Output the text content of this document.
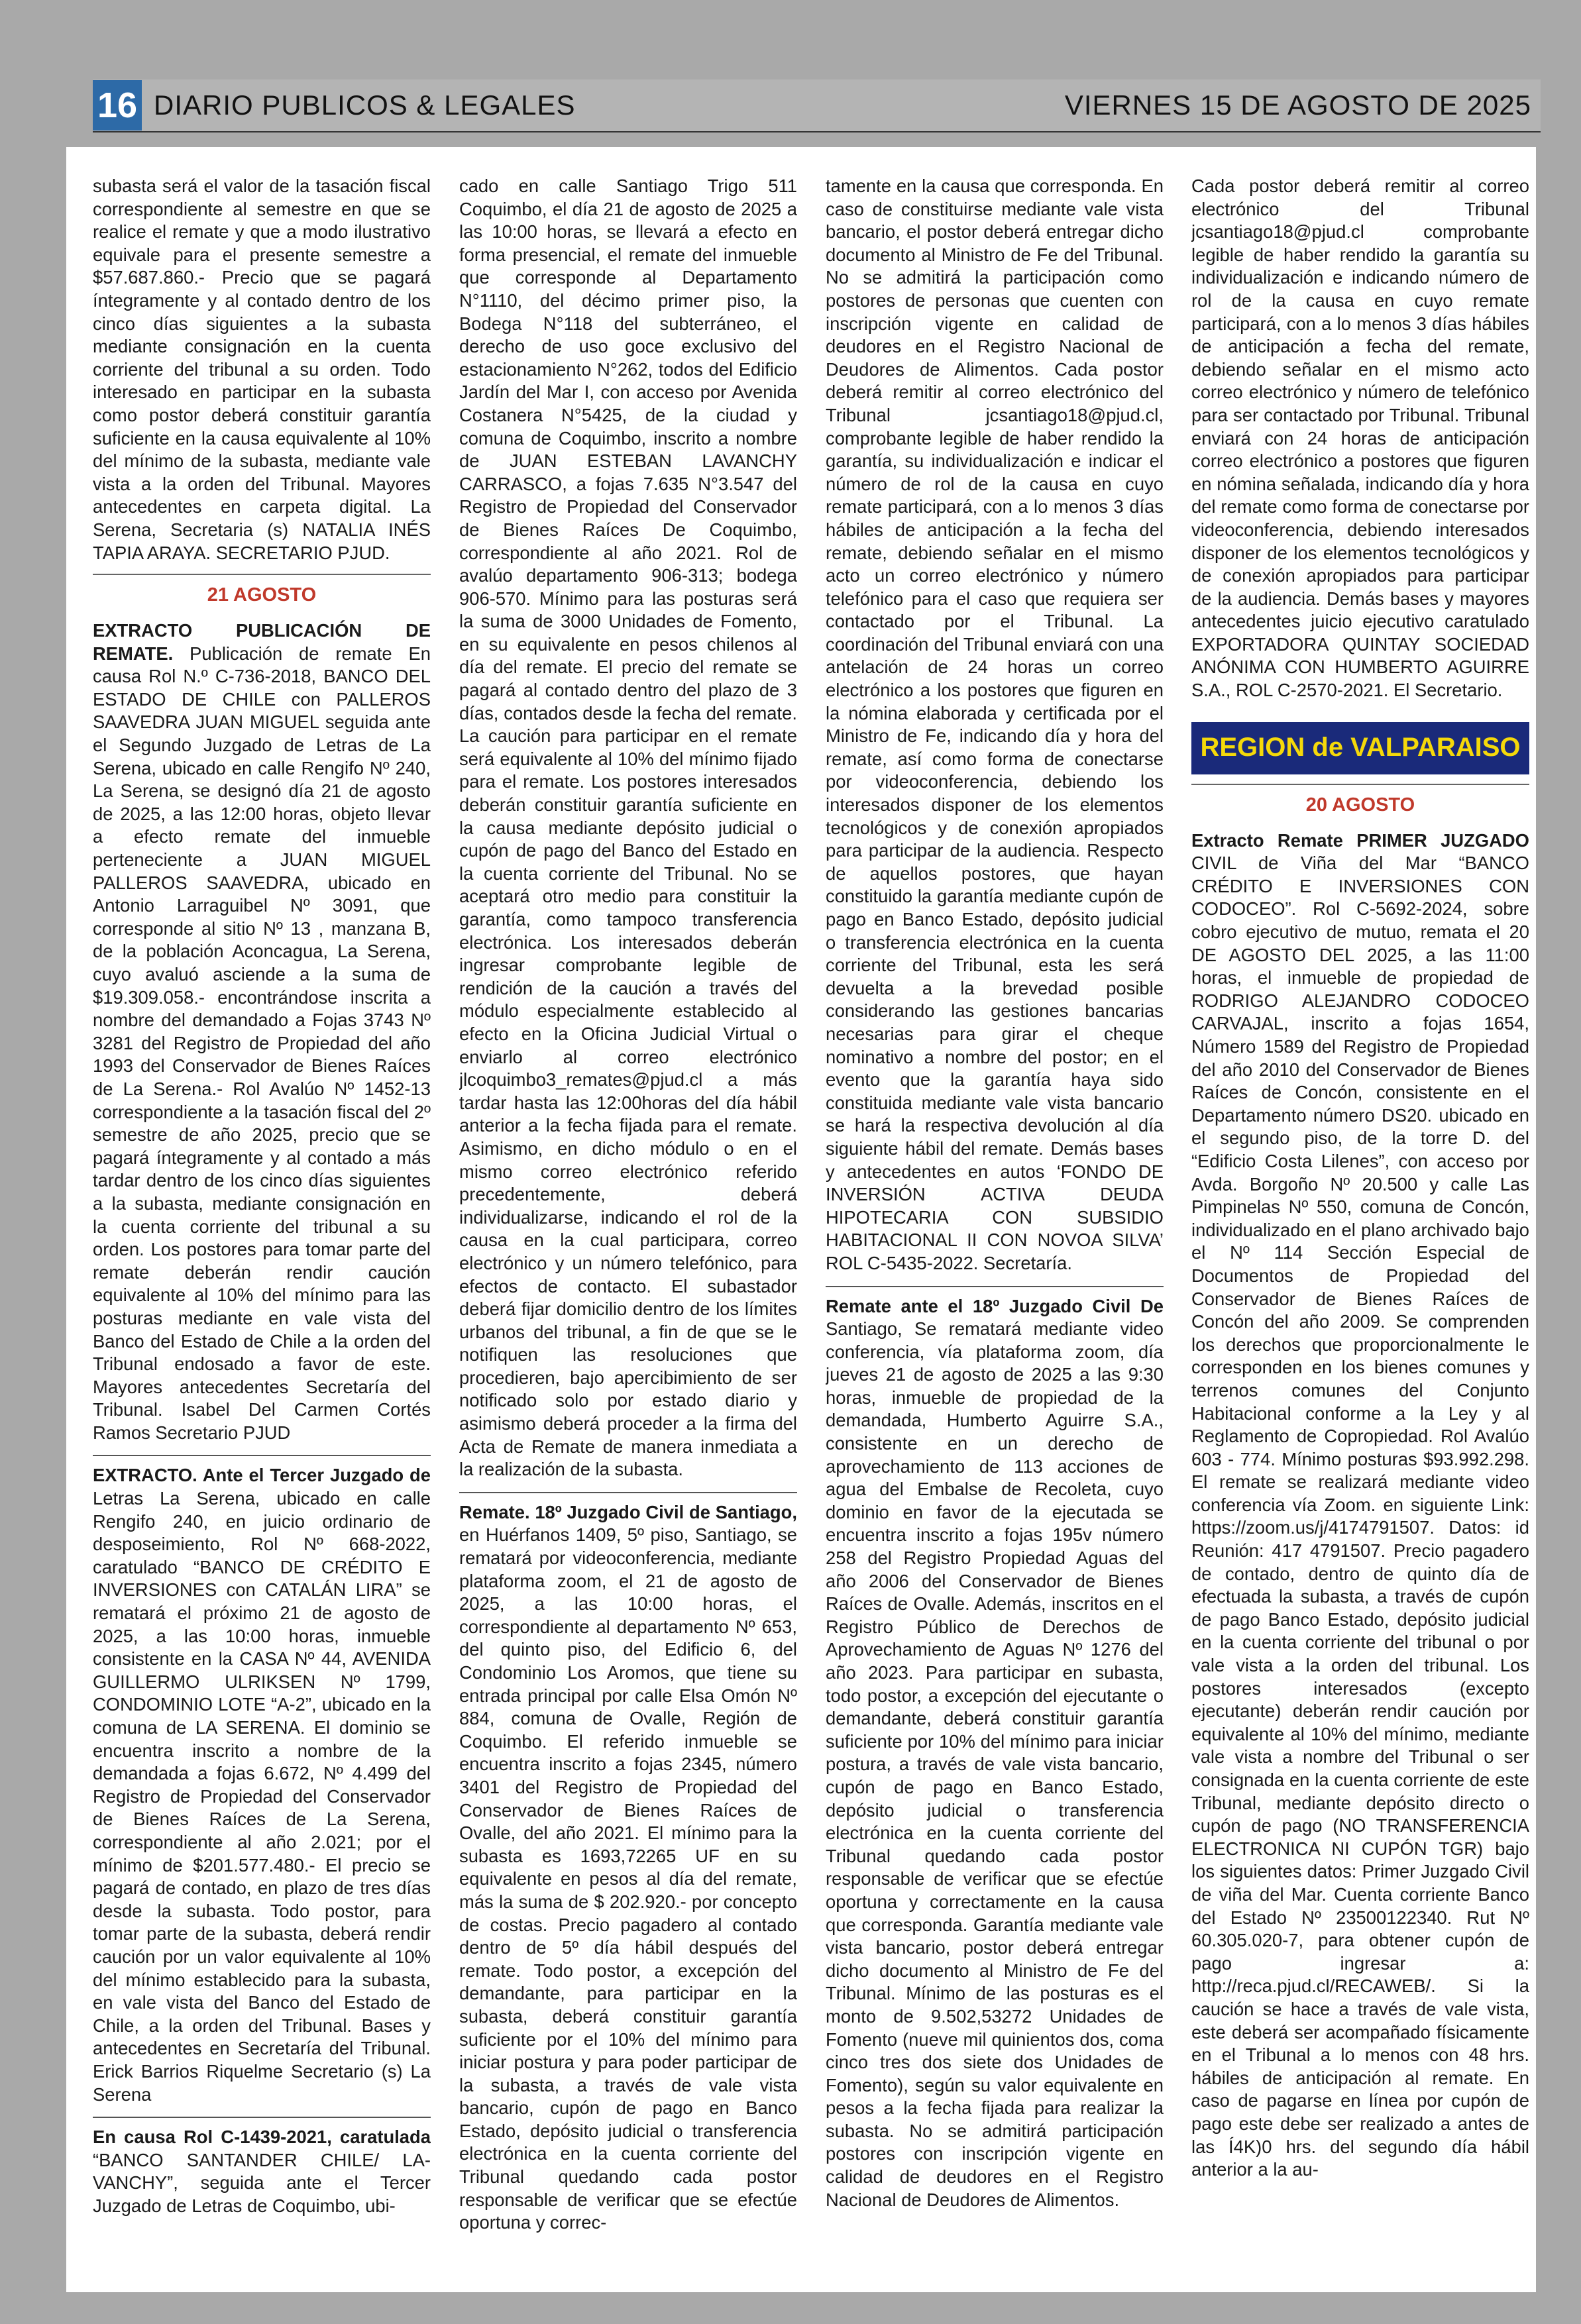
16 DIARIO PUBLICOS & LEGALES	VIERNES 15 DE AGOSTO DE 2025

subasta será el valor de la tasación fiscal correspondiente al semestre en que se realice el remate y que a modo ilustrativo equivale para el presente semestre a $57.687.860.- Precio que se pagará íntegramente y al contado dentro de los cinco días siguientes a la subasta mediante consignación en la cuenta corriente del tribunal a su orden. Todo interesado en participar en la subasta como postor deberá constituir garantía suficiente en la causa equivalente al 10% del mínimo de la subasta, mediante vale vista a la orden del Tribunal. Mayores antecedentes en carpeta digital. La Serena, Secretaria (s) NATALIA INÉS TAPIA ARAYA. SECRETARIO PJUD.

21 AGOSTO

EXTRACTO PUBLICACIÓN DE REMATE. Publicación de remate En causa Rol N.º C-736-2018, BANCO DEL ESTADO DE CHILE con PALLEROS SAAVEDRA JUAN MIGUEL seguida ante el Segundo Juzgado de Letras de La Serena, ubicado en calle Rengifo Nº 240, La Serena, se designó día 21 de agosto de 2025, a las 12:00 horas, objeto llevar a efecto remate del inmueble perteneciente a JUAN MIGUEL PALLEROS SAAVEDRA, ubicado en Antonio Larraguibel Nº 3091, que corresponde al sitio Nº 13 , manzana B, de la población Aconcagua, La Serena, cuyo avaluó asciende a la suma de $19.309.058.- encontrándose inscrita a nombre del demandado a Fojas 3743 Nº 3281 del Registro de Propiedad del año 1993 del Conservador de Bienes Raíces de La Serena.- Rol Avalúo Nº 1452-13 correspondiente a la tasación fiscal del 2º semestre de año 2025, precio que se pagará íntegramente y al contado a más tardar dentro de los cinco días siguientes a la subasta, mediante consignación en la cuenta corriente del tribunal a su orden. Los postores para tomar parte del remate deberán rendir caución equivalente al 10% del mínimo para las posturas mediante en vale vista del Banco del Estado de Chile a la orden del Tribunal endosado a favor de este. Mayores antecedentes Secretaría del Tribunal. Isabel Del Carmen Cortés Ramos Secretario PJUD

EXTRACTO. Ante el Tercer Juzgado de Letras La Serena, ubicado en calle Rengifo 240, en juicio ordinario de desposeimiento, Rol Nº 668-2022, caratulado “BANCO DE CRÉDITO E INVERSIONES con CATALÁN LIRA” se rematará el próximo 21 de agosto de 2025, a las 10:00 horas, inmueble consistente en la CASA Nº 44, AVENIDA GUILLERMO ULRIKSEN Nº 1799, CONDOMINIO LOTE “A-2”, ubicado en la comuna de LA SERENA. El dominio se encuentra inscrito a nombre de la demandada a fojas 6.672, Nº 4.499 del Registro de Propiedad del Conservador de Bienes Raíces de La Serena, correspondiente al año 2.021; por el mínimo de $201.577.480.- El precio se pagará de contado, en plazo de tres días desde la subasta. Todo postor, para tomar parte de la subasta, deberá rendir caución por un valor equivalente al 10% del mínimo establecido para la subasta, en vale vista del Banco del Estado de Chile, a la orden del Tribunal. Bases y antecedentes en Secretaría del Tribunal. Erick Barrios Riquelme Secretario (s) La Serena

En causa Rol C-1439-2021, caratulada “BANCO SANTANDER CHILE/ LA-VANCHY”, seguida ante el Tercer Juzgado de Letras de Coquimbo, ubi-

cado en calle Santiago Trigo 511 Coquimbo, el día 21 de agosto de 2025 a las 10:00 horas, se llevará a efecto en forma presencial, el remate del inmueble que corresponde al Departamento N°1110, del décimo primer piso, la Bodega N°118 del subterráneo, el derecho de uso goce exclusivo del estacionamiento N°262, todos del Edificio Jardín del Mar I, con acceso por Avenida Costanera N°5425, de la ciudad y comuna de Coquimbo, inscrito a nombre de JUAN ESTEBAN LAVANCHY CARRASCO, a fojas 7.635 N°3.547 del Registro de Propiedad del Conservador de Bienes Raíces De Coquimbo, correspondiente al año 2021. Rol de avalúo departamento 906-313; bodega 906-570. Mínimo para las posturas será la suma de 3000 Unidades de Fomento, en su equivalente en pesos chilenos al día del remate. El precio del remate se pagará al contado dentro del plazo de 3 días, contados desde la fecha del remate. La caución para participar en el remate será equivalente al 10% del mínimo fijado para el remate. Los postores interesados deberán constituir garantía suficiente en la causa mediante depósito judicial o cupón de pago del Banco del Estado en la cuenta corriente del Tribunal. No se aceptará otro medio para constituir la garantía, como tampoco transferencia electrónica. Los interesados deberán ingresar comprobante legible de rendición de la caución a través del módulo especialmente establecido al efecto en la Oficina Judicial Virtual o enviarlo al correo electrónico jlcoquimbo3_remates@pjud.cl a más tardar hasta las 12:00horas del día hábil anterior a la fecha fijada para el remate. Asimismo, en dicho módulo o en el mismo correo electrónico referido precedentemente, deberá individualizarse, indicando el rol de la causa en la cual participara, correo electrónico y un número telefónico, para efectos de contacto. El subastador deberá fijar domicilio dentro de los límites urbanos del tribunal, a fin de que se le notifiquen las resoluciones que procedieren, bajo apercibimiento de ser notificado solo por estado diario y asimismo deberá proceder a la firma del Acta de Remate de manera inmediata a la realización de la subasta.

Remate. 18º Juzgado Civil de Santiago, en Huérfanos 1409, 5º piso, Santiago, se rematará por videoconferencia, mediante plataforma zoom, el 21 de agosto de 2025, a las 10:00 horas, el correspondiente al departamento Nº 653, del quinto piso, del Edificio 6, del Condominio Los Aromos, que tiene su entrada principal por calle Elsa Omón Nº 884, comuna de Ovalle, Región de Coquimbo. El referido inmueble se encuentra inscrito a fojas 2345, número 3401 del Registro de Propiedad del Conservador de Bienes Raíces de Ovalle, del año 2021. El mínimo para la subasta es 1693,72265 UF en su equivalente en pesos al día del remate, más la suma de $ 202.920.- por concepto de costas. Precio pagadero al contado dentro de 5º día hábil después del remate. Todo postor, a excepción del demandante, para participar en la subasta, deberá constituir garantía suficiente por el 10% del mínimo para iniciar postura y para poder participar de la subasta, a través de vale vista bancario, cupón de pago en Banco Estado, depósito judicial o transferencia electrónica en la cuenta corriente del Tribunal quedando cada postor responsable de verificar que se efectúe oportuna y correc-

tamente en la causa que corresponda. En caso de constituirse mediante vale vista bancario, el postor deberá entregar dicho documento al Ministro de Fe del Tribunal. No se admitirá la participación como postores de personas que cuenten con inscripción vigente en calidad de deudores en el Registro Nacional de Deudores de Alimentos. Cada postor deberá remitir al correo electrónico del Tribunal jcsantiago18@pjud.cl, comprobante legible de haber rendido la garantía, su individualización e indicar el número de rol de la causa en cuyo remate participará, con a lo menos 3 días hábiles de anticipación a la fecha del remate, debiendo señalar en el mismo acto un correo electrónico y número telefónico para el caso que requiera ser contactado por el Tribunal. La coordinación del Tribunal enviará con una antelación de 24 horas un correo electrónico a los postores que figuren en la nómina elaborada y certificada por el Ministro de Fe, indicando día y hora del remate, así como forma de conectarse por videoconferencia, debiendo los interesados disponer de los elementos tecnológicos y de conexión apropiados para participar de la audiencia. Respecto de aquellos postores, que hayan constituido la garantía mediante cupón de pago en Banco Estado, depósito judicial o transferencia electrónica en la cuenta corriente del Tribunal, esta les será devuelta a la brevedad posible considerando las gestiones bancarias necesarias para girar el cheque nominativo a nombre del postor; en el evento que la garantía haya sido constituida mediante vale vista bancario se hará la respectiva devolución al día siguiente hábil del remate. Demás bases y antecedentes en autos ‘FONDO DE INVERSIÓN ACTIVA DEUDA HIPOTECARIA CON SUBSIDIO HABITACIONAL II CON NOVOA SILVA’ ROL C-5435-2022. Secretaría.

Remate ante el 18º Juzgado Civil De Santiago, Se rematará mediante video conferencia, vía plataforma zoom, día jueves 21 de agosto de 2025 a las 9:30 horas, inmueble de propiedad de la demandada, Humberto Aguirre S.A., consistente en un derecho de aprovechamiento de 113 acciones de agua del Embalse de Recoleta, cuyo dominio en favor de la ejecutada se encuentra inscrito a fojas 195v número 258 del Registro Propiedad Aguas del año 2006 del Conservador de Bienes Raíces de Ovalle. Además, inscritos en el Registro Público de Derechos de Aprovechamiento de Aguas Nº 1276 del año 2023. Para participar en subasta, todo postor, a excepción del ejecutante o demandante, deberá constituir garantía suficiente por 10% del mínimo para iniciar postura, a través de vale vista bancario, cupón de pago en Banco Estado, depósito judicial o transferencia electrónica en la cuenta corriente del Tribunal quedando cada postor responsable de verificar que se efectúe oportuna y correctamente en la causa que corresponda. Garantía mediante vale vista bancario, postor deberá entregar dicho documento al Ministro de Fe del Tribunal. Mínimo de las posturas es el monto de 9.502,53272 Unidades de Fomento (nueve mil quinientos dos, coma cinco tres dos siete dos Unidades de Fomento), según su valor equivalente en pesos a la fecha fijada para realizar la subasta. No se admitirá participación postores con inscripción vigente en calidad de deudores en el Registro Nacional de Deudores de Alimentos.

Cada postor deberá remitir al correo electrónico del Tribunal jcsantiago18@pjud.cl comprobante legible de haber rendido la garantía su individualización e indicando número de rol de la causa en cuyo remate participará, con a lo menos 3 días hábiles de anticipación a fecha del remate, debiendo señalar en el mismo acto correo electrónico y número de telefónico para ser contactado por Tribunal. Tribunal enviará con 24 horas de anticipación correo electrónico a postores que figuren en nómina señalada, indicando día y hora del remate como forma de conectarse por videoconferencia, debiendo interesados disponer de los elementos tecnológicos y de conexión apropiados para participar de la audiencia. Demás bases y mayores antecedentes juicio ejecutivo caratulado EXPORTADORA QUINTAY SOCIEDAD ANÓNIMA CON HUMBERTO AGUIRRE S.A., ROL C-2570-2021. El Secretario.

REGION de VALPARAISO
20 AGOSTO

Extracto Remate PRIMER JUZGADO CIVIL de Viña del Mar “BANCO CRÉDITO E INVERSIONES CON CODOCEO”. Rol C-5692-2024, sobre cobro ejecutivo de mutuo, remata el 20 DE AGOSTO DEL 2025, a las 11:00 horas, el inmueble de propiedad de RODRIGO ALEJANDRO CODOCEO CARVAJAL, inscrito a fojas 1654, Número 1589 del Registro de Propiedad del año 2010 del Conservador de Bienes Raíces de Concón, consistente en el Departamento número DS20. ubicado en el segundo piso, de la torre D. del “Edificio Costa Lilenes”, con acceso por Avda. Borgoño Nº 20.500 y calle Las Pimpinelas Nº 550, comuna de Concón, individualizado en el plano archivado bajo el Nº 114 Sección Especial de Documentos de Propiedad del Conservador de Bienes Raíces de Concón del año 2009. Se comprenden los derechos que proporcionalmente le corresponden en los bienes comunes y terrenos comunes del Conjunto Habitacional conforme a la Ley y al Reglamento de Copropiedad. Rol Avalúo 603 - 774. Mínimo posturas $93.992.298. El remate se realizará mediante video conferencia vía Zoom. en siguiente Link: https://zoom.us/j/4174791507. Datos: id Reunión: 417 4791507. Precio pagadero de contado, dentro de quinto día de efectuada la subasta, a través de cupón de pago Banco Estado, depósito judicial en la cuenta corriente del tribunal o por vale vista a la orden del tribunal. Los postores interesados (excepto ejecutante) deberán rendir caución por equivalente al 10% del mínimo, mediante vale vista a nombre del Tribunal o ser consignada en la cuenta corriente de este Tribunal, mediante depósito directo o cupón de pago (NO TRANSFERENCIA ELECTRONICA NI CUPÓN TGR) bajo los siguientes datos: Primer Juzgado Civil de viña del Mar. Cuenta corriente Banco del Estado Nº 23500122340. Rut Nº 60.305.020-7, para obtener cupón de pago ingresar a: http://reca.pjud.cl/RECAWEB/. Si la caución se hace a través de vale vista, este deberá ser acompañado físicamente en el Tribunal a lo menos con 48 hrs. hábiles de anticipación al remate. En caso de pagarse en línea por cupón de pago este debe ser realizado a antes de las Í4K)0 hrs. del segundo día hábil anterior a la au-
